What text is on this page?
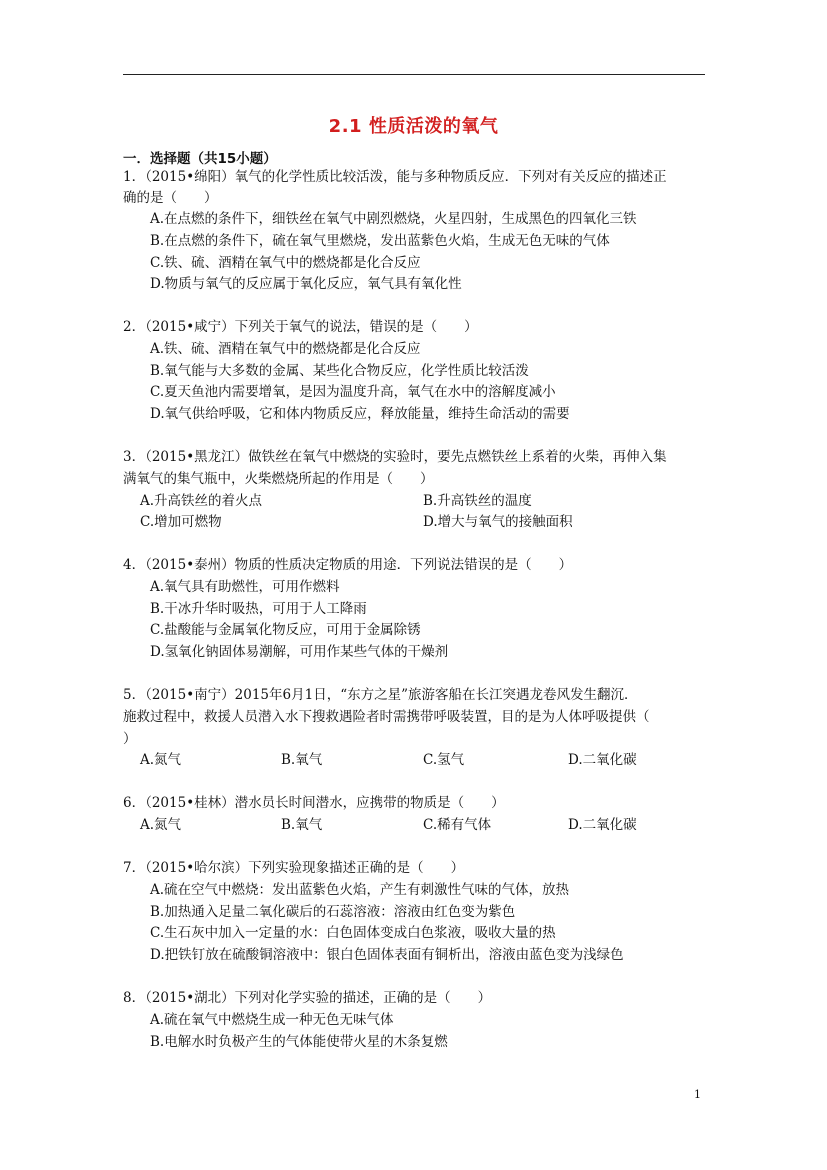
2.1 性质活泼的氧气
一．选择题（共15小题）
1．（2015•绵阳）氧气的化学性质比较活泼，能与多种物质反应．下列对有关反应的描述正
确的是（　　）
A.在点燃的条件下，细铁丝在氧气中剧烈燃烧，火星四射，生成黑色的四氧化三铁
B.在点燃的条件下，硫在氧气里燃烧，发出蓝紫色火焰，生成无色无味的气体
C.铁、硫、酒精在氧气中的燃烧都是化合反应
D.物质与氧气的反应属于氧化反应，氧气具有氧化性
2．（2015•咸宁）下列关于氧气的说法，错误的是（　　）
A.铁、硫、酒精在氧气中的燃烧都是化合反应
B.氧气能与大多数的金属、某些化合物反应，化学性质比较活泼
C.夏天鱼池内需要增氧，是因为温度升高，氧气在水中的溶解度减小
D.氧气供给呼吸，它和体内物质反应，释放能量，维持生命活动的需要
3．（2015•黑龙江）做铁丝在氧气中燃烧的实验时，要先点燃铁丝上系着的火柴，再伸入集
满氧气的集气瓶中，火柴燃烧所起的作用是（　　）
A.升高铁丝的着火点	B.升高铁丝的温度
C.增加可燃物	D.增大与氧气的接触面积
4．（2015•泰州）物质的性质决定物质的用途．下列说法错误的是（　　）
A.氧气具有助燃性，可用作燃料
B.干冰升华时吸热，可用于人工降雨
C.盐酸能与金属氧化物反应，可用于金属除锈
D.氢氧化钠固体易潮解，可用作某些气体的干燥剂
5．（2015•南宁）2015年6月1日，“东方之星”旅游客船在长江突遇龙卷风发生翻沉．
施救过程中，救援人员潜入水下搜救遇险者时需携带呼吸装置，目的是为人体呼吸提供（
）
A.氮气	B.氧气	C.氢气	D.二氧化碳
6．（2015•桂林）潜水员长时间潜水，应携带的物质是（　　）
A.氮气	B.氧气	C.稀有气体	D.二氧化碳
7．（2015•哈尔滨）下列实验现象描述正确的是（　　）
A.硫在空气中燃烧：发出蓝紫色火焰，产生有刺激性气味的气体，放热
B.加热通入足量二氧化碳后的石蕊溶液：溶液由红色变为紫色
C.生石灰中加入一定量的水：白色固体变成白色浆液，吸收大量的热
D.把铁钉放在硫酸铜溶液中：银白色固体表面有铜析出，溶液由蓝色变为浅绿色
8．（2015•湖北）下列对化学实验的描述，正确的是（　　）
A.硫在氧气中燃烧生成一种无色无味气体
B.电解水时负极产生的气体能使带火星的木条复燃
1
